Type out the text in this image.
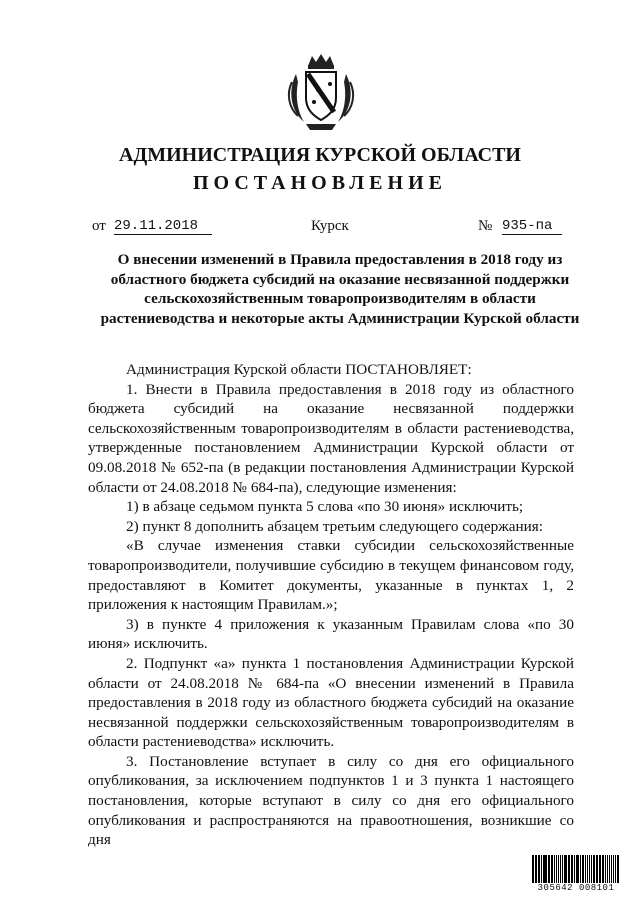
АДМИНИСТРАЦИЯ КУРСКОЙ ОБЛАСТИ
ПОСТАНОВЛЕНИЕ
от 29.11.2018	Курск	№ 935-па
О внесении изменений в Правила предоставления в 2018 году из областного бюджета субсидий на оказание несвязанной поддержки сельскохозяйственным товаропроизводителям в области растениеводства и некоторые акты Администрации Курской области

Администрация Курской области ПОСТАНОВЛЯЕТ:

1. Внести в Правила предоставления в 2018 году из областного бюджета субсидий на оказание несвязанной поддержки сельскохозяйственным товаропроизводителям в области растениеводства, утвержденные постановлением Администрации Курской области от 09.08.2018 № 652-па (в редакции постановления Администрации Курской области от 24.08.2018 № 684-па), следующие изменения:

1) в абзаце седьмом пункта 5 слова «по 30 июня» исключить;

2) пункт 8 дополнить абзацем третьим следующего содержания:

«В случае изменения ставки субсидии сельскохозяйственные товаропроизводители, получившие субсидию в текущем финансовом году, предоставляют в Комитет документы, указанные в пунктах 1, 2 приложения к настоящим Правилам.»;

3) в пункте 4 приложения к указанным Правилам слова «по 30 июня» исключить.

2. Подпункт «а» пункта 1 постановления Администрации Курской области от 24.08.2018 № 684-па «О внесении изменений в Правила предоставления в 2018 году из областного бюджета субсидий на оказание несвязанной поддержки сельскохозяйственным товаропроизводителям в области растениеводства» исключить.

3. Постановление вступает в силу со дня его официального опубликования, за исключением подпунктов 1 и 3 пункта 1 настоящего постановления, которые вступают в силу со дня его официального опубликования и распространяются на правоотношения, возникшие со дня

305642 008101
